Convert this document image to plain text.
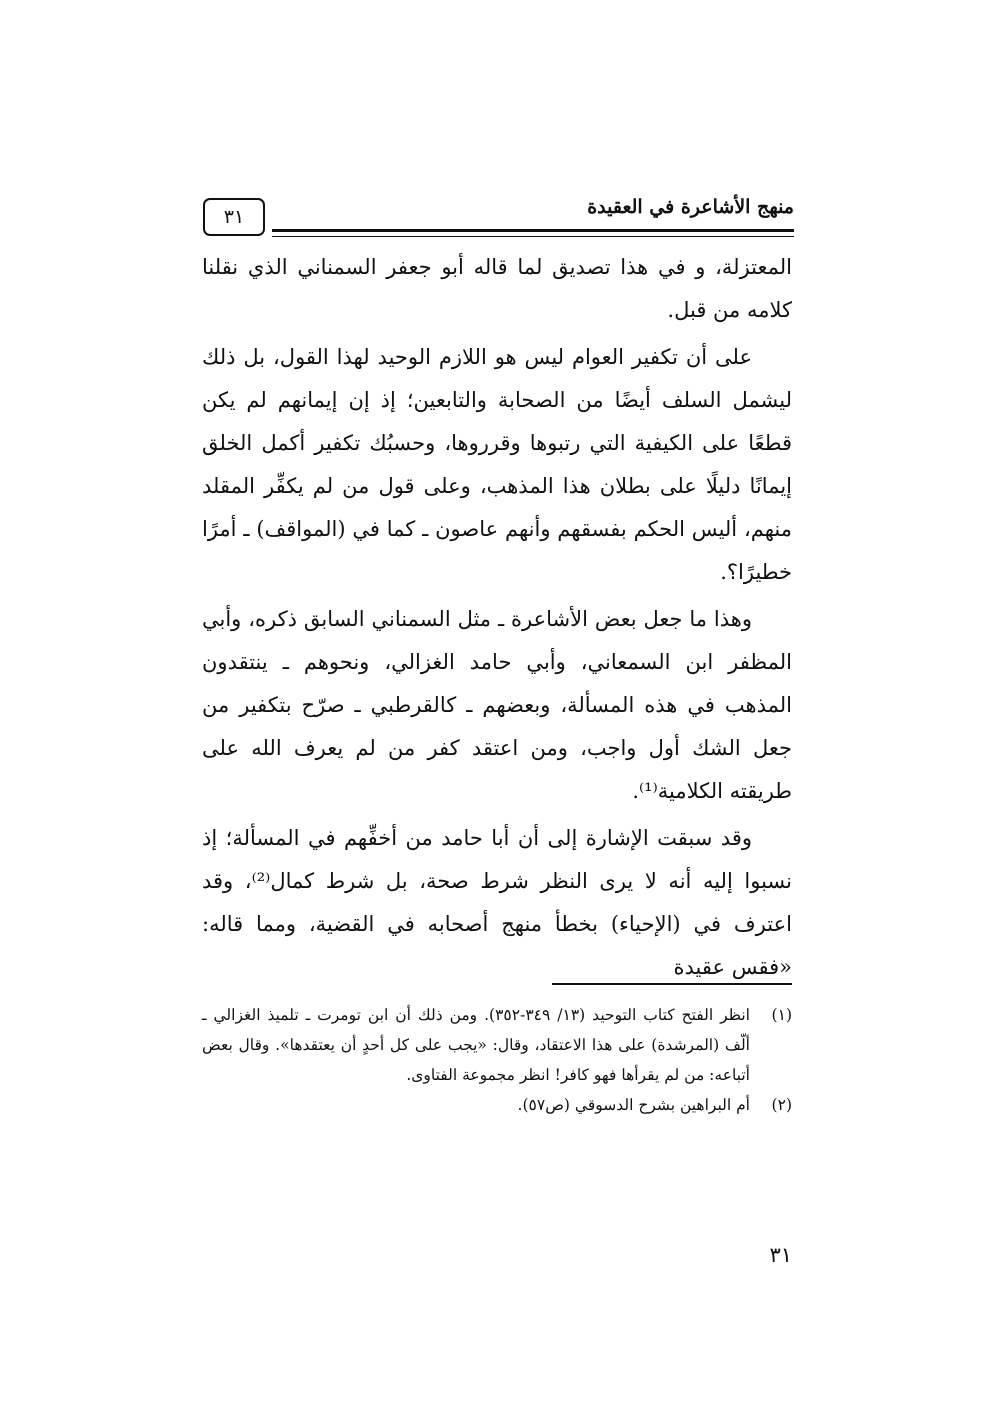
منهج الأشاعرة في العقيدة
٣١

المعتزلة، و في هذا تصديق لما قاله أبو جعفر السمناني الذي نقلنا كلامه من قبل.

على أن تكفير العوام ليس هو اللازم الوحيد لهذا القول، بل ذلك ليشمل السلف أيضًا من الصحابة والتابعين؛ إذ إن إيمانهم لم يكن قطعًا على الكيفية التي رتبوها وقرروها، وحسبُك تكفير أكمل الخلق إيمانًا دليلًا على بطلان هذا المذهب، وعلى قول من لم يكفِّر المقلد منهم، أليس الحكم بفسقهم وأنهم عاصون ـ كما في (المواقف) ـ أمرًا خطيرًا؟.

وهذا ما جعل بعض الأشاعرة ـ مثل السمناني السابق ذكره، وأبي المظفر ابن السمعاني، وأبي حامد الغزالي، ونحوهم ـ ينتقدون المذهب في هذه المسألة، وبعضهم ـ كالقرطبي ـ صرّح بتكفير من جعل الشك أول واجب، ومن اعتقد كفر من لم يعرف الله على طريقته الكلامية⁽¹⁾.

وقد سبقت الإشارة إلى أن أبا حامد من أخفِّهم في المسألة؛ إذ نسبوا إليه أنه لا يرى النظر شرط صحة، بل شرط كمال⁽²⁾، وقد اعترف في (الإحياء) بخطأ منهج أصحابه في القضية، ومما قاله: «فقس عقيدة

(١)
انظر الفتح كتاب التوحيد (١٣/ ٣٤٩-٣٥٢). ومن ذلك أن ابن تومرت ـ تلميذ الغزالي ـ ألّف (المرشدة) على هذا الاعتقاد، وقال: «يجب على كل أحدٍ أن يعتقدها». وقال بعض أتباعه: من لم يقرأها فهو كافر! انظر مجموعة الفتاوى.
(٢)
أم البراهين بشرح الدسوقي (ص٥٧).
٣١
